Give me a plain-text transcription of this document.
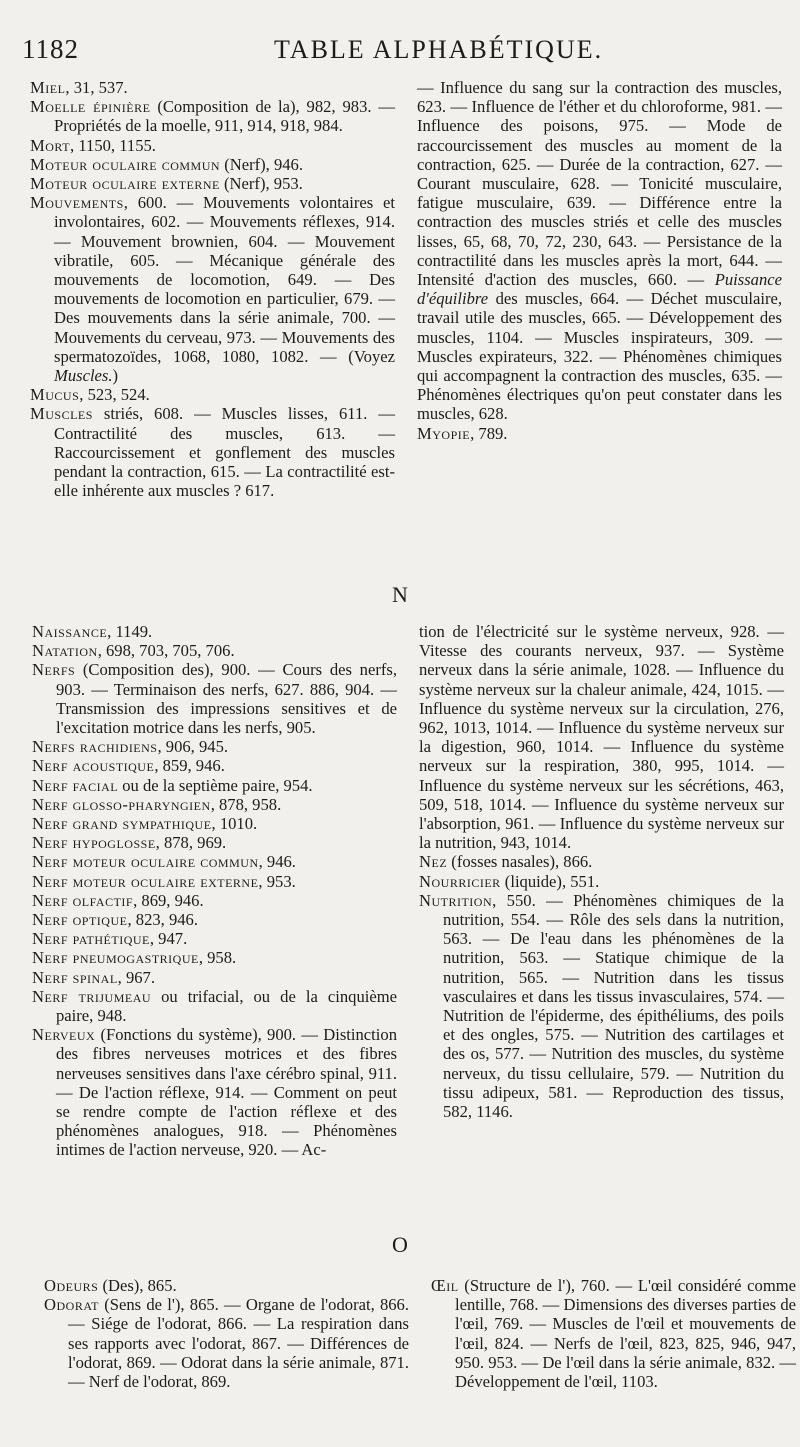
1182	TABLE ALPHABÉTIQUE.

Miel, 31, 537.

Moelle épinière (Composition de la), 982, 983. — Propriétés de la moelle, 911, 914, 918, 984.

Mort, 1150, 1155.

Moteur oculaire commun (Nerf), 946.

Moteur oculaire externe (Nerf), 953.

Mouvements, 600. — Mouvements volontaires et involontaires, 602. — Mouvements réflexes, 914. — Mouvement brownien, 604. — Mouvement vibratile, 605. — Mécanique générale des mouvements de locomotion, 649. — Des mouvements de locomotion en particulier, 679. — Des mouvements dans la série animale, 700. — Mouvements du cerveau, 973. — Mouvements des spermatozoïdes, 1068, 1080, 1082. — (Voyez Muscles.)

Mucus, 523, 524.

Muscles striés, 608. — Muscles lisses, 611. — Contractilité des muscles, 613. — Raccourcissement et gonflement des muscles pendant la contraction, 615. — La contractilité est-elle inhérente aux muscles ? 617.

— Influence du sang sur la contraction des muscles, 623. — Influence de l'éther et du chloroforme, 981. — Influence des poisons, 975. — Mode de raccourcissement des muscles au moment de la contraction, 625. — Durée de la contraction, 627. — Courant musculaire, 628. — Tonicité musculaire, fatigue musculaire, 639. — Différence entre la contraction des muscles striés et celle des muscles lisses, 65, 68, 70, 72, 230, 643. — Persistance de la contractilité dans les muscles après la mort, 644. — Intensité d'action des muscles, 660. — Puissance d'équilibre des muscles, 664. — Déchet musculaire, travail utile des muscles, 665. — Développement des muscles, 1104. — Muscles inspirateurs, 309. — Muscles expirateurs, 322. — Phénomènes chimiques qui accompagnent la contraction des muscles, 635. — Phénomènes électriques qu'on peut constater dans les muscles, 628.

Myopie, 789.

N

Naissance, 1149.

Natation, 698, 703, 705, 706.

Nerfs (Composition des), 900. — Cours des nerfs, 903. — Terminaison des nerfs, 627. 886, 904. — Transmission des impressions sensitives et de l'excitation motrice dans les nerfs, 905.

Nerfs rachidiens, 906, 945.

Nerf acoustique, 859, 946.

Nerf facial ou de la septième paire, 954.

Nerf glosso-pharyngien, 878, 958.

Nerf grand sympathique, 1010.

Nerf hypoglosse, 878, 969.

Nerf moteur oculaire commun, 946.

Nerf moteur oculaire externe, 953.

Nerf olfactif, 869, 946.

Nerf optique, 823, 946.

Nerf pathétique, 947.

Nerf pneumogastrique, 958.

Nerf spinal, 967.

Nerf trijumeau ou trifacial, ou de la cinquième paire, 948.

Nerveux (Fonctions du système), 900. — Distinction des fibres nerveuses motrices et des fibres nerveuses sensitives dans l'axe cérébro spinal, 911. — De l'action réflexe, 914. — Comment on peut se rendre compte de l'action réflexe et des phénomènes analogues, 918. — Phénomènes intimes de l'action nerveuse, 920. — Ac-

tion de l'électricité sur le système nerveux, 928. — Vitesse des courants nerveux, 937. — Système nerveux dans la série animale, 1028. — Influence du système nerveux sur la chaleur animale, 424, 1015. — Influence du système nerveux sur la circulation, 276, 962, 1013, 1014. — Influence du système nerveux sur la digestion, 960, 1014. — Influence du système nerveux sur la respiration, 380, 995, 1014. — Influence du système nerveux sur les sécrétions, 463, 509, 518, 1014. — Influence du système nerveux sur l'absorption, 961. — Influence du système nerveux sur la nutrition, 943, 1014.

Nez (fosses nasales), 866.

Nourricier (liquide), 551.

Nutrition, 550. — Phénomènes chimiques de la nutrition, 554. — Rôle des sels dans la nutrition, 563. — De l'eau dans les phénomènes de la nutrition, 563. — Statique chimique de la nutrition, 565. — Nutrition dans les tissus vasculaires et dans les tissus invasculaires, 574. — Nutrition de l'épiderme, des épithéliums, des poils et des ongles, 575. — Nutrition des cartilages et des os, 577. — Nutrition des muscles, du système nerveux, du tissu cellulaire, 579. — Nutrition du tissu adipeux, 581. — Reproduction des tissus, 582, 1146.

O

Odeurs (Des), 865.

Odorat (Sens de l'), 865. — Organe de l'odorat, 866. — Siége de l'odorat, 866. — La respiration dans ses rapports avec l'odorat, 867. — Différences de l'odorat, 869. — Odorat dans la série animale, 871. — Nerf de l'odorat, 869.

Œil (Structure de l'), 760. — L'œil considéré comme lentille, 768. — Dimensions des diverses parties de l'œil, 769. — Muscles de l'œil et mouvements de l'œil, 824. — Nerfs de l'œil, 823, 825, 946, 947, 950. 953. — De l'œil dans la série animale, 832. — Développement de l'œil, 1103.
